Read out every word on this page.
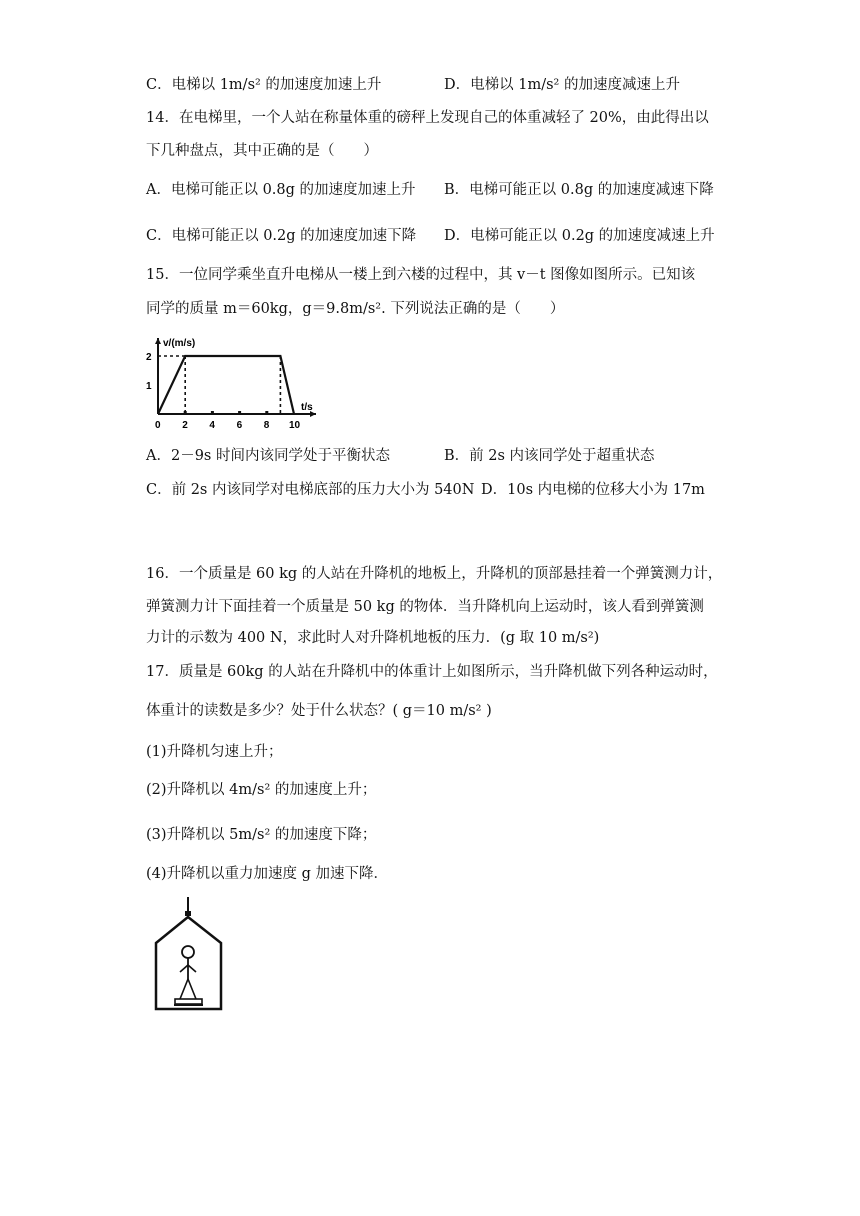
C．电梯以 1m/s² 的加速度加速上升	D．电梯以 1m/s² 的加速度减速上升
14．在电梯里，一个人站在称量体重的磅秤上发现自己的体重减轻了 20%，由此得出以
下几种盘点，其中正确的是（　　）
A．电梯可能正以 0.8g 的加速度加速上升 B．电梯可能正以 0.8g 的加速度减速下降
C．电梯可能正以 0.2g 的加速度加速下降 D．电梯可能正以 0.2g 的加速度减速上升
15．一位同学乘坐直升电梯从一楼上到六楼的过程中，其 v－t 图像如图所示。已知该
同学的质量 m＝60kg，g＝9.8m/s². 下列说法正确的是（　　）
v/(m/s)
t/s
0 2 4 6 8 10
1
2
A．2－9s 时间内该同学处于平衡状态	B．前 2s 内该同学处于超重状态
C．前 2s 内该同学对电梯底部的压力大小为 540N D．10s 内电梯的位移大小为 17m
16．一个质量是 60 kg 的人站在升降机的地板上，升降机的顶部悬挂着一个弹簧测力计，
弹簧测力计下面挂着一个质量是 50 kg 的物体．当升降机向上运动时，该人看到弹簧测
力计的示数为 400 N，求此时人对升降机地板的压力．(g 取 10 m/s²)
17．质量是 60kg 的人站在升降机中的体重计上如图所示，当升降机做下列各种运动时，
体重计的读数是多少？处于什么状态？( g＝10 m/s² )
(1)升降机匀速上升；
(2)升降机以 4m/s² 的加速度上升；
(3)升降机以 5m/s² 的加速度下降；
(4)升降机以重力加速度 g 加速下降．
